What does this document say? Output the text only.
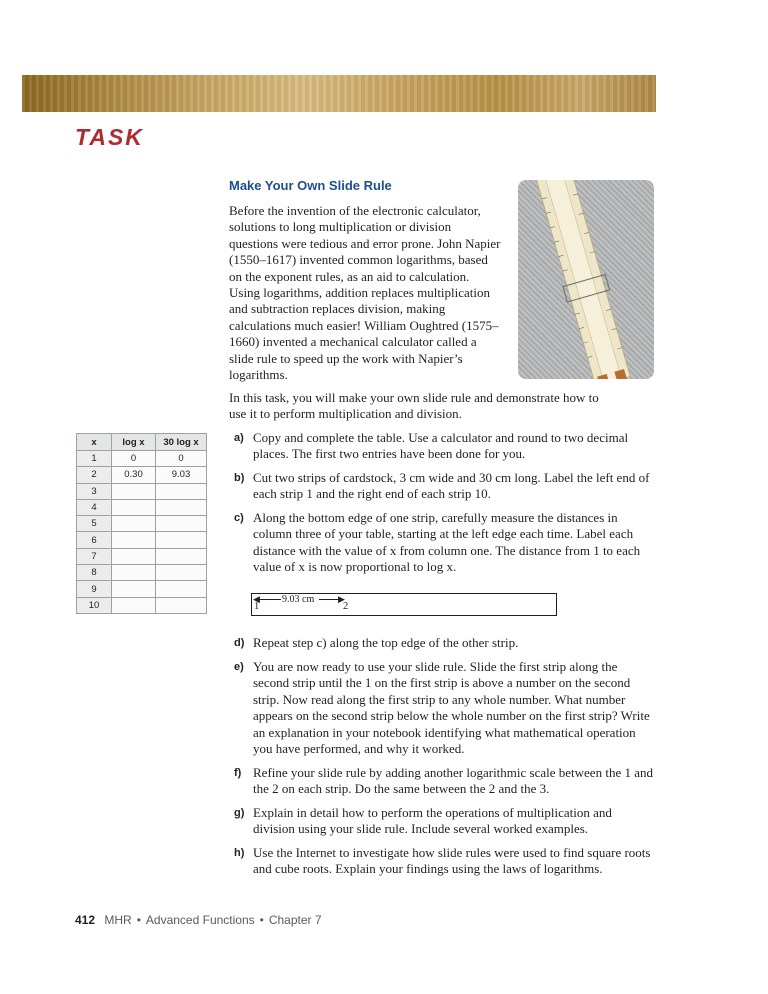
TASK
Make Your Own Slide Rule
Before the invention of the electronic calculator, solutions to long multiplication or division questions were tedious and error prone. John Napier (1550–1617) invented common logarithms, based on the exponent rules, as an aid to calculation. Using logarithms, addition replaces multiplication and subtraction replaces division, making calculations much easier! William Oughtred (1575–1660) invented a mechanical calculator called a slide rule to speed up the work with Napier’s logarithms.
In this task, you will make your own slide rule and demonstrate how to use it to perform multiplication and division.
x	log x	30 log x
1	0	0
2	0.30	9.03
3		
4		
5		
6		
7		
8		
9		
10		
a) Copy and complete the table. Use a calculator and round to two decimal places. The first two entries have been done for you.
b) Cut two strips of cardstock, 3 cm wide and 30 cm long. Label the left end of each strip 1 and the right end of each strip 10.
c) Along the bottom edge of one strip, carefully measure the distances in column three of your table, starting at the left edge each time. Label each distance with the value of x from column one. The distance from 1 to each value of x is now proportional to log x.
1	2
◀	▶
9.03 cm
d) Repeat step c) along the top edge of the other strip.
e) You are now ready to use your slide rule. Slide the first strip along the second strip until the 1 on the first strip is above a number on the second strip. Now read along the first strip to any whole number. What number appears on the second strip below the whole number on the first strip? Write an explanation in your notebook identifying what mathematical operation you have performed, and why it worked.
f) Refine your slide rule by adding another logarithmic scale between the 1 and the 2 on each strip. Do the same between the 2 and the 3.
g) Explain in detail how to perform the operations of multiplication and division using your slide rule. Include several worked examples.
h) Use the Internet to investigate how slide rules were used to find square roots and cube roots. Explain your findings using the laws of logarithms.
412 MHR • Advanced Functions • Chapter 7
